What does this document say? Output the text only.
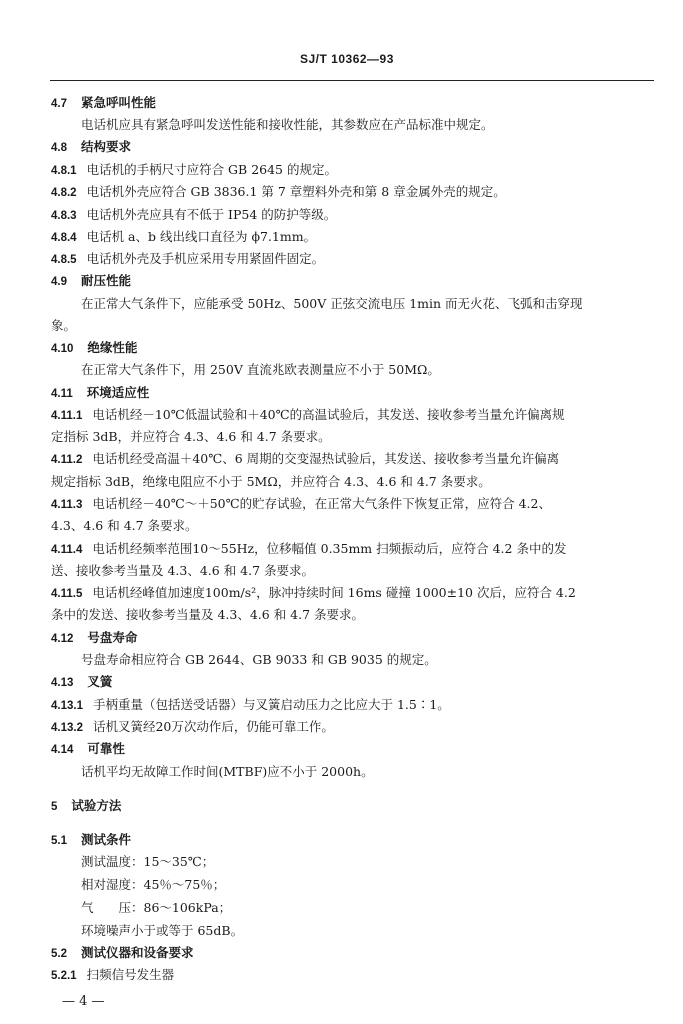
SJ/T 10362—93
4.7 紧急呼叫性能
电话机应具有紧急呼叫发送性能和接收性能，其参数应在产品标准中规定。
4.8 结构要求
4.8.1 电话机的手柄尺寸应符合 GB 2645 的规定。
4.8.2 电话机外壳应符合 GB 3836.1 第 7 章塑料外壳和第 8 章金属外壳的规定。
4.8.3 电话机外壳应具有不低于 IP54 的防护等级。
4.8.4 电话机 a、b 线出线口直径为 ϕ7.1mm。
4.8.5 电话机外壳及手机应采用专用紧固件固定。
4.9 耐压性能
在正常大气条件下，应能承受 50Hz、500V 正弦交流电压 1min 而无火花、飞弧和击穿现
象。
4.10 绝缘性能
在正常大气条件下，用 250V 直流兆欧表测量应不小于 50MΩ。
4.11 环境适应性
4.11.1 电话机经－10℃低温试验和＋40℃的高温试验后，其发送、接收参考当量允许偏离规
定指标 3dB，并应符合 4.3、4.6 和 4.7 条要求。
4.11.2 电话机经受高温＋40℃、6 周期的交变湿热试验后，其发送、接收参考当量允许偏离
规定指标 3dB，绝缘电阻应不小于 5MΩ，并应符合 4.3、4.6 和 4.7 条要求。
4.11.3 电话机经－40℃～＋50℃的贮存试验，在正常大气条件下恢复正常，应符合 4.2、
4.3、4.6 和 4.7 条要求。
4.11.4 电话机经频率范围10～55Hz，位移幅值 0.35mm 扫频振动后，应符合 4.2 条中的发
送、接收参考当量及 4.3、4.6 和 4.7 条要求。
4.11.5 电话机经峰值加速度100m/s²，脉冲持续时间 16ms 碰撞 1000±10 次后，应符合 4.2
条中的发送、接收参考当量及 4.3、4.6 和 4.7 条要求。
4.12 号盘寿命
号盘寿命相应符合 GB 2644、GB 9033 和 GB 9035 的规定。
4.13 叉簧
4.13.1 手柄重量（包括送受话器）与叉簧启动压力之比应大于 1.5∶1。
4.13.2 话机叉簧经20万次动作后，仍能可靠工作。
4.14 可靠性
话机平均无故障工作时间(MTBF)应不小于 2000h。
5 试验方法
5.1 测试条件
测试温度：15～35℃；
相对湿度：45％～75％；
气　　压：86～106kPa；
环境噪声小于或等于 65dB。
5.2 测试仪器和设备要求
5.2.1 扫频信号发生器
— 4 —
